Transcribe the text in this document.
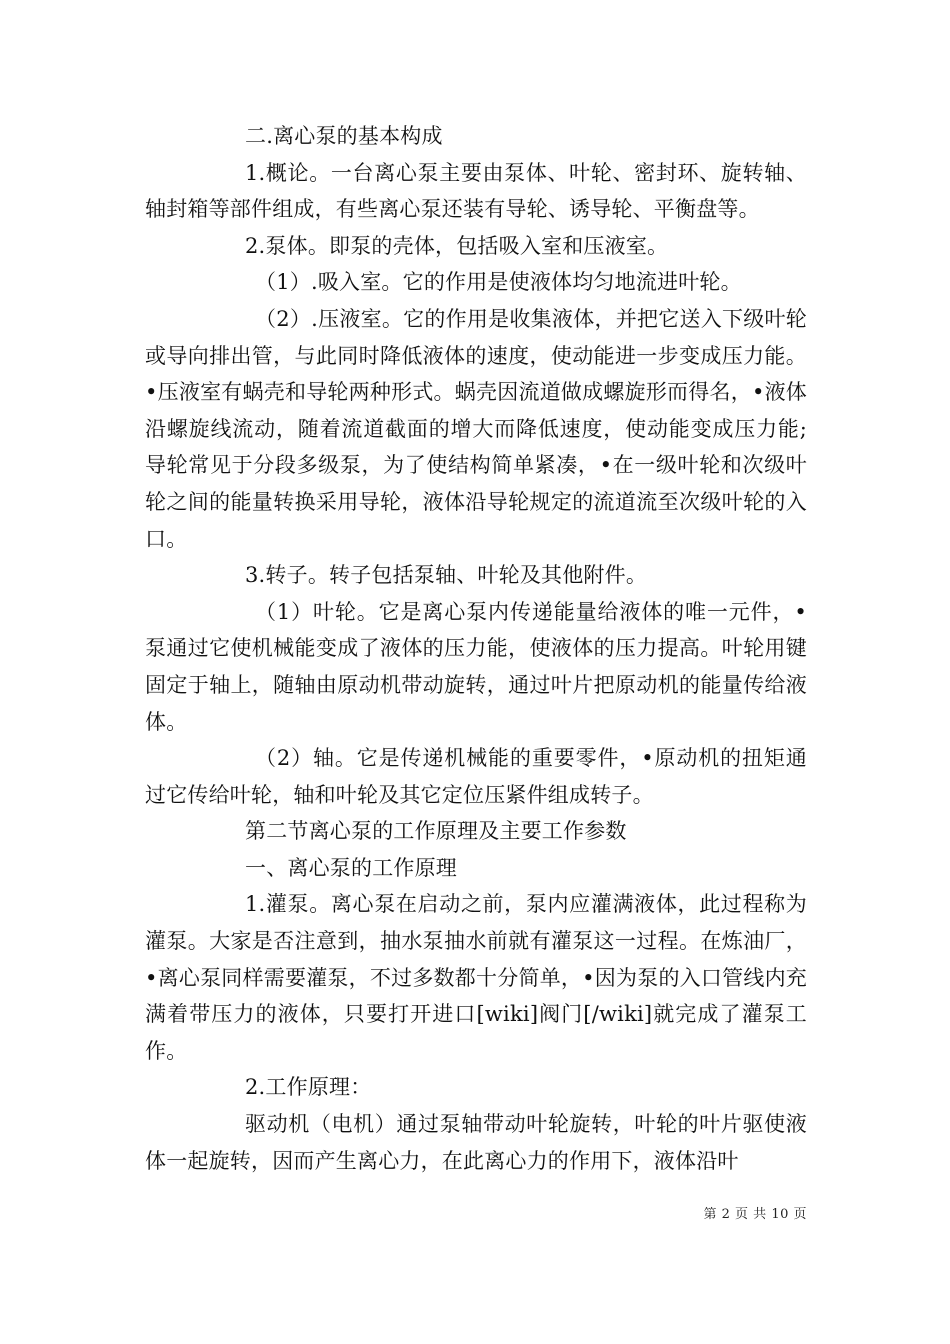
二.离心泵的基本构成

1.概论。一台离心泵主要由泵体、叶轮、密封环、旋转轴、轴封箱等部件组成，有些离心泵还装有导轮、诱导轮、平衡盘等。

2.泵体。即泵的壳体，包括吸入室和压液室。

（1）.吸入室。它的作用是使液体均匀地流进叶轮。

（2）.压液室。它的作用是收集液体，并把它送入下级叶轮或导向排出管，与此同时降低液体的速度，使动能进一步变成压力能。•压液室有蜗壳和导轮两种形式。蜗壳因流道做成螺旋形而得名，•液体沿螺旋线流动，随着流道截面的增大而降低速度，使动能变成压力能;导轮常见于分段多级泵，为了使结构简单紧凑，•在一级叶轮和次级叶轮之间的能量转换采用导轮，液体沿导轮规定的流道流至次级叶轮的入口。

3.转子。转子包括泵轴、叶轮及其他附件。

（1）叶轮。它是离心泵内传递能量给液体的唯一元件，•泵通过它使机械能变成了液体的压力能，使液体的压力提高。叶轮用键固定于轴上，随轴由原动机带动旋转，通过叶片把原动机的能量传给液体。

（2）轴。它是传递机械能的重要零件，•原动机的扭矩通过它传给叶轮，轴和叶轮及其它定位压紧件组成转子。

第二节离心泵的工作原理及主要工作参数

一、离心泵的工作原理

1.灌泵。离心泵在启动之前，泵内应灌满液体，此过程称为灌泵。大家是否注意到，抽水泵抽水前就有灌泵这一过程。在炼油厂，•离心泵同样需要灌泵，不过多数都十分简单，•因为泵的入口管线内充满着带压力的液体，只要打开进口[wiki]阀门[/wiki]就完成了灌泵工作。

2.工作原理：

驱动机（电机）通过泵轴带动叶轮旋转，叶轮的叶片驱使液体一起旋转，因而产生离心力，在此离心力的作用下，液体沿叶

第 2 页 共 10 页
